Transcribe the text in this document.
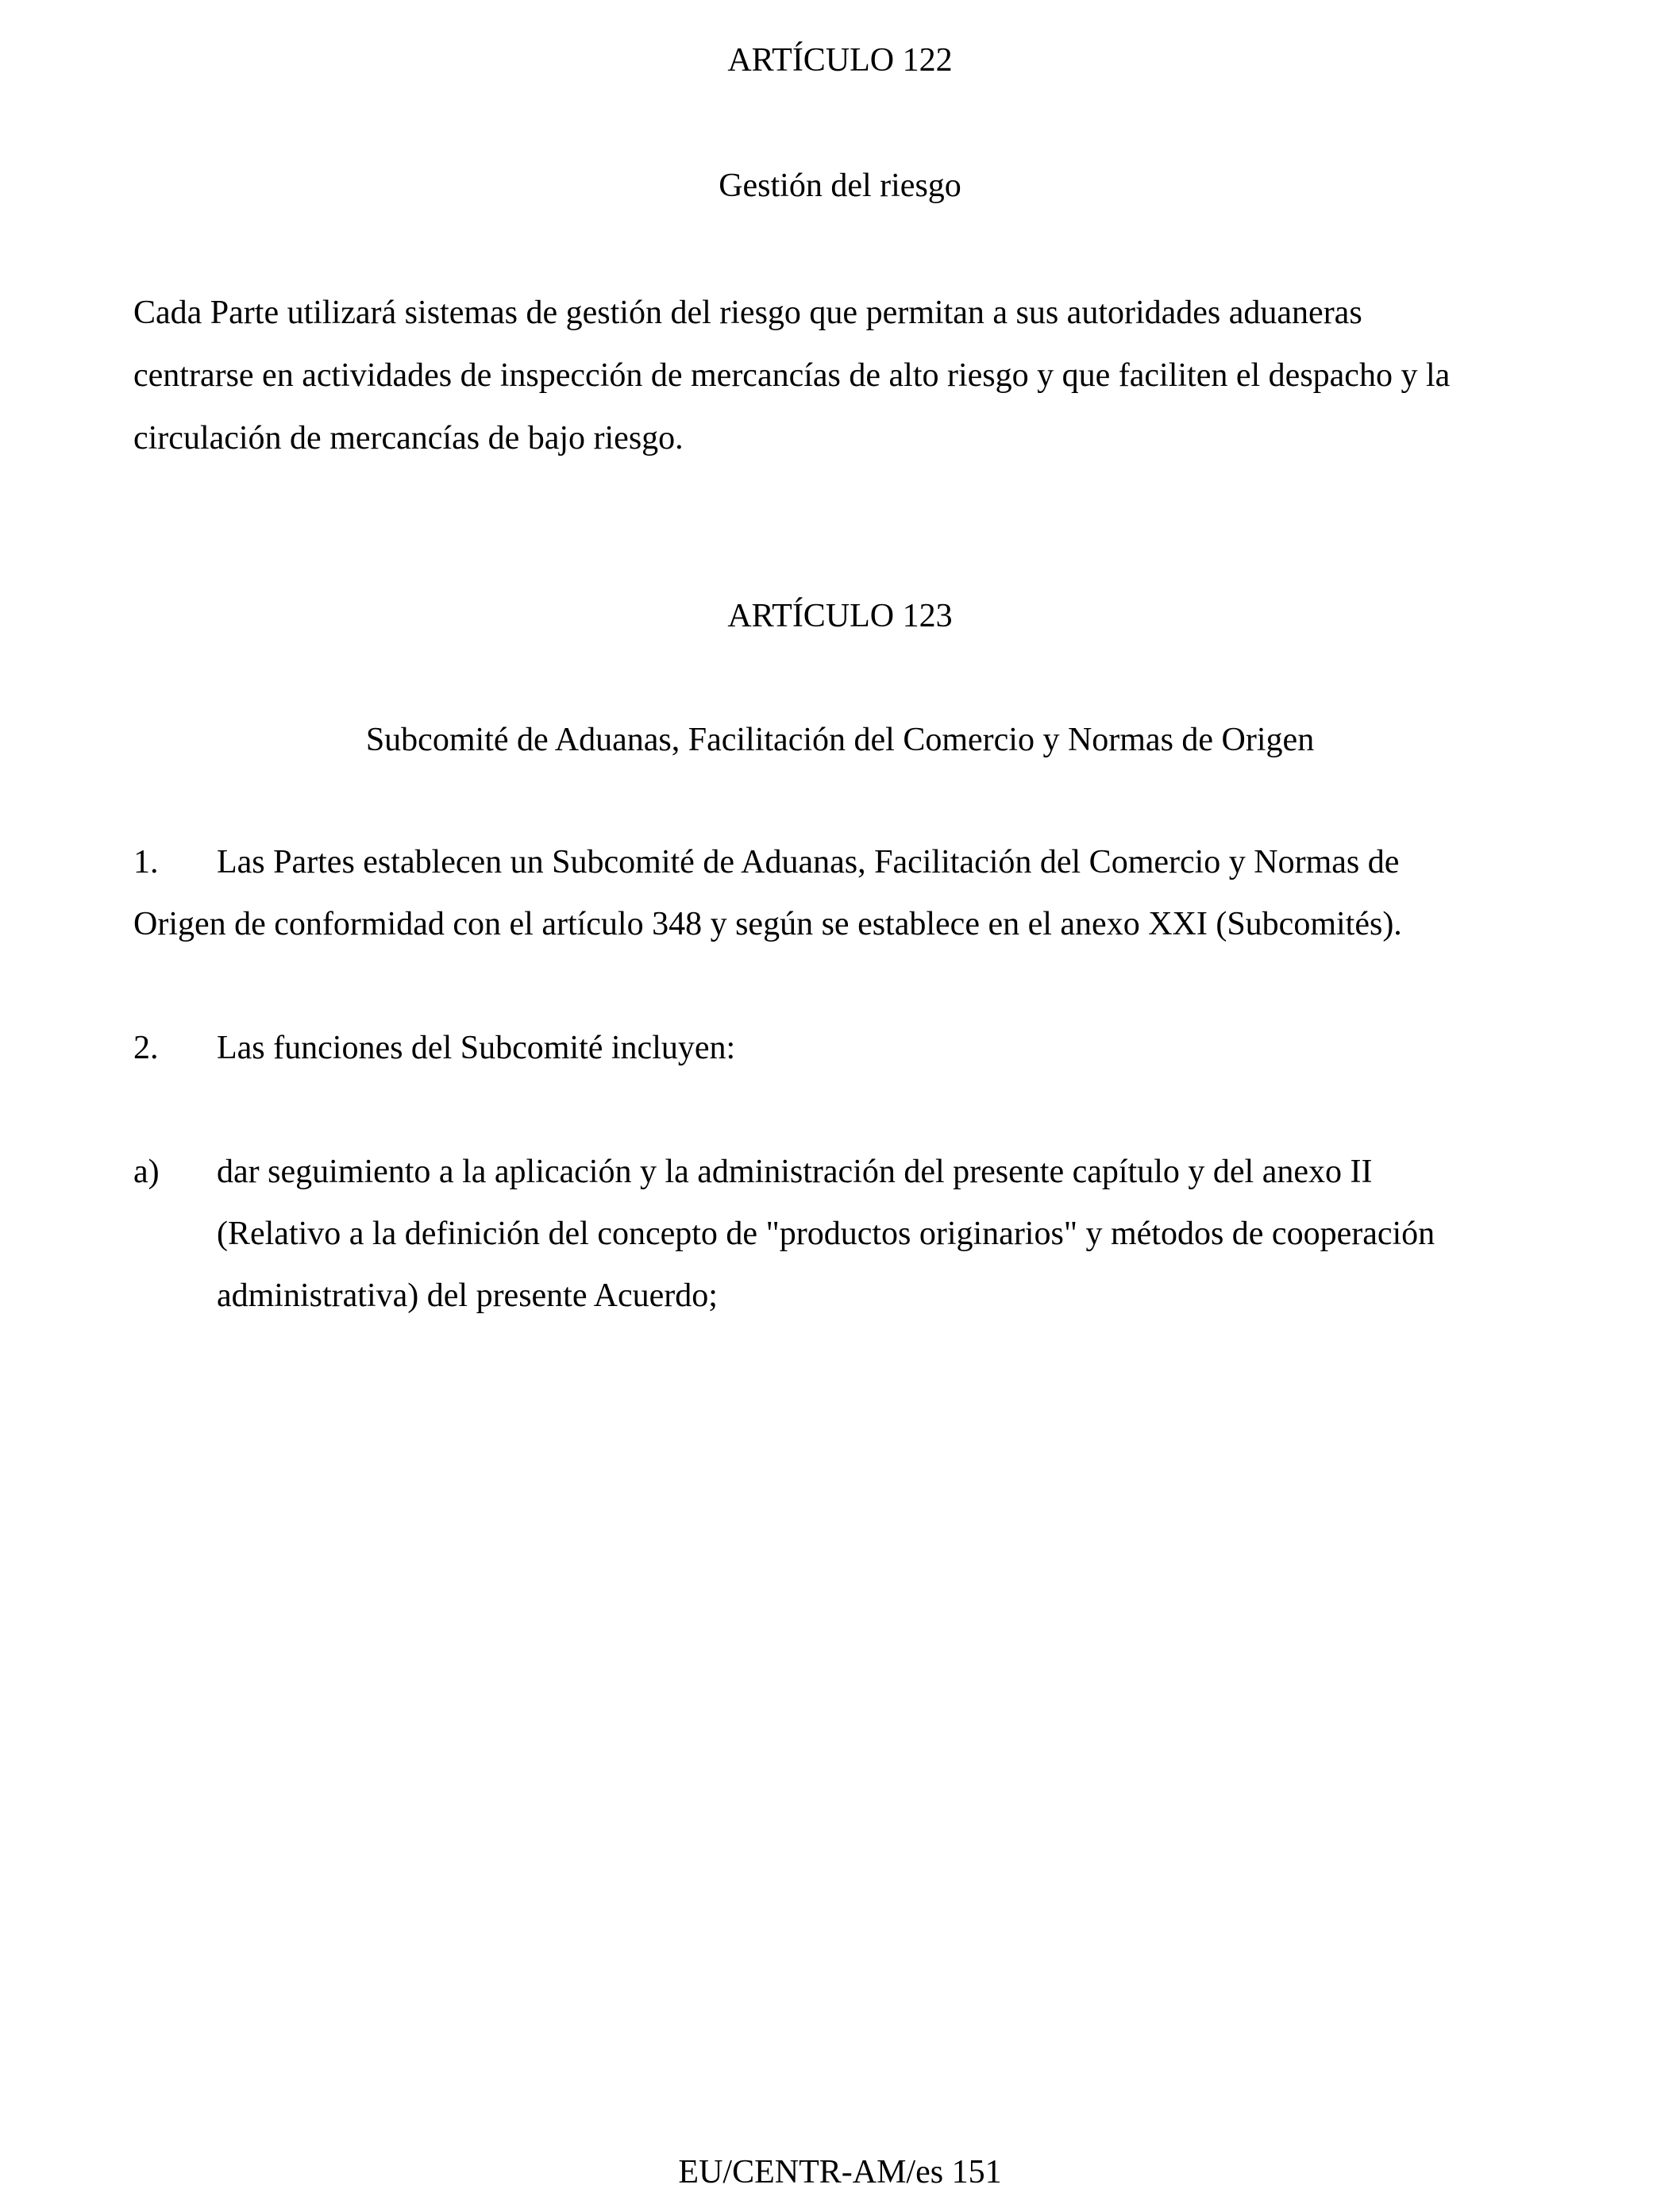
ARTÍCULO 122
Gestión del riesgo
Cada Parte utilizará sistemas de gestión del riesgo que permitan a sus autoridades aduaneras
centrarse en actividades de inspección de mercancías de alto riesgo y que faciliten el despacho y la
circulación de mercancías de bajo riesgo.
ARTÍCULO 123
Subcomité de Aduanas, Facilitación del Comercio y Normas de Origen
1. Las Partes establecen un Subcomité de Aduanas, Facilitación del Comercio y Normas de
Origen de conformidad con el artículo 348 y según se establece en el anexo XXI (Subcomités).
2. Las funciones del Subcomité incluyen:
a) dar seguimiento a la aplicación y la administración del presente capítulo y del anexo II
(Relativo a la definición del concepto de "productos originarios" y métodos de cooperación
administrativa) del presente Acuerdo;
EU/CENTR-AM/es 151
